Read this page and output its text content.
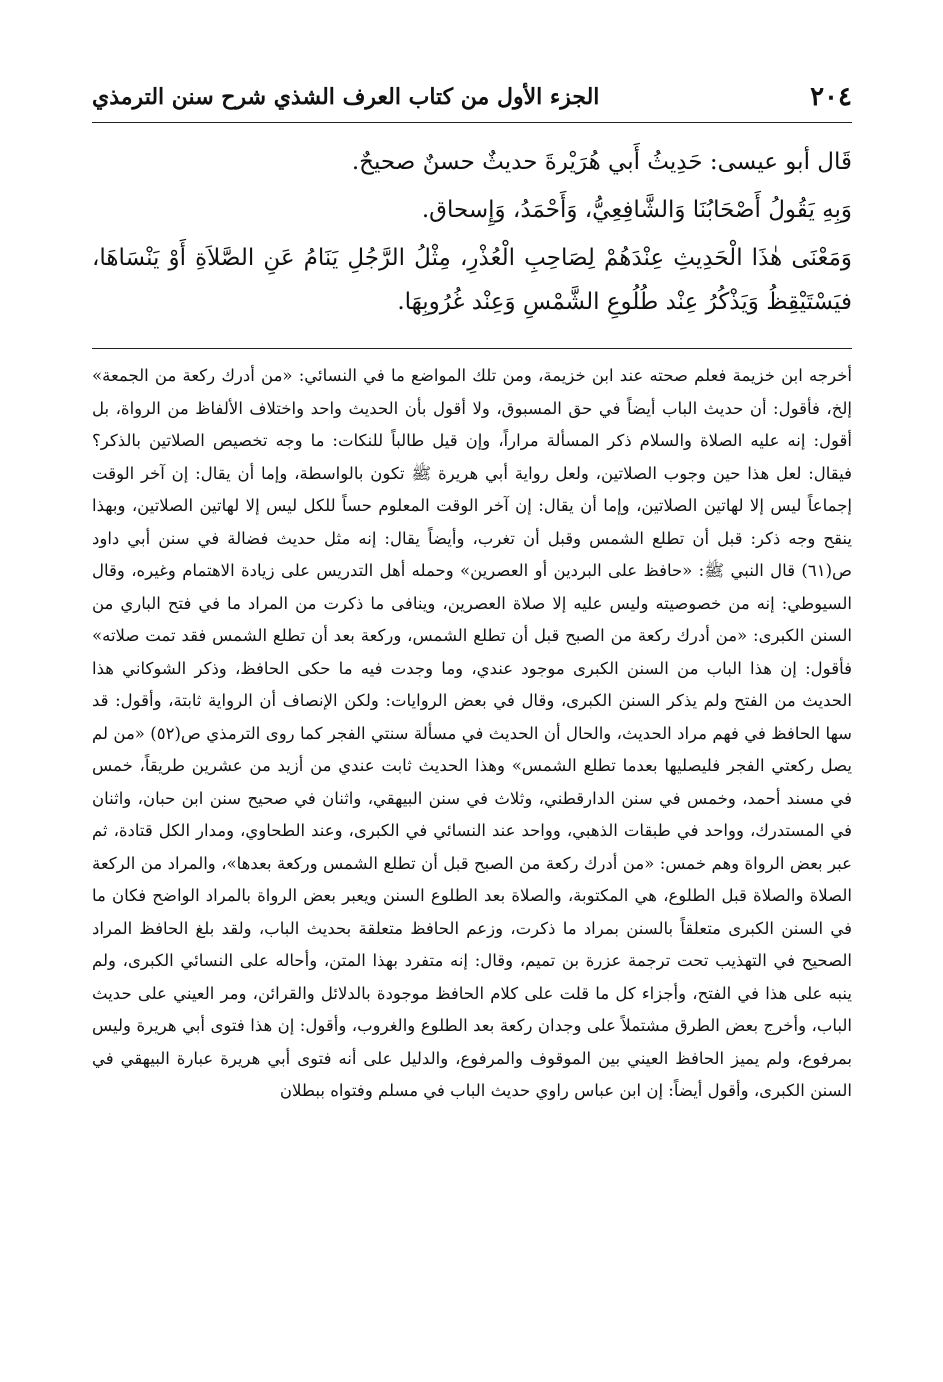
٢٠٤
الجزء الأول من كتاب العرف الشذي شرح سنن الترمذي

قَال أبو عيسى: حَدِيثُ أَبي هُرَيْرةَ حديثٌ حسنٌ صحيحٌ.

وَبِهِ يَقُولُ أَصْحَابُنَا وَالشَّافِعِيُّ، وَأَحْمَدُ، وَإِسحاق.

وَمَعْنَى هٰذَا الْحَدِيثِ عِنْدَهُمْ لِصَاحِبِ الْعُذْرِ، مِثْلُ الرَّجُلِ يَنَامُ عَنِ الصَّلاَةِ أَوْ يَنْسَاهَا، فيَسْتَيْقِظُ وَيَذْكُرُ عِنْد طُلُوعِ الشَّمْسِ وَعِنْد غُرُوبِهَا.

أخرجه ابن خزيمة فعلم صحته عند ابن خزيمة، ومن تلك المواضع ما في النسائي: «من أدرك ركعة من الجمعة» إلخ، فأقول: أن حديث الباب أيضاً في حق المسبوق، ولا أقول بأن الحديث واحد واختلاف الألفاظ من الرواة، بل أقول: إنه عليه الصلاة والسلام ذكر المسألة مراراً، وإن قيل طالباً للنكات: ما وجه تخصيص الصلاتين بالذكر؟ فيقال: لعل هذا حين وجوب الصلاتين، ولعل رواية أبي هريرة ﷺ تكون بالواسطة، وإما أن يقال: إن آخر الوقت إجماعاً ليس إلا لهاتين الصلاتين، وإما أن يقال: إن آخر الوقت المعلوم حساً للكل ليس إلا لهاتين الصلاتين، وبهذا ينقح وجه ذكر: قبل أن تطلع الشمس وقبل أن تغرب، وأيضاً يقال: إنه مثل حديث فضالة في سنن أبي داود ص(٦١) قال النبي ﷺ: «حافظ على البردين أو العصرين» وحمله أهل التدريس على زيادة الاهتمام وغيره، وقال السيوطي: إنه من خصوصيته وليس عليه إلا صلاة العصرين، وينافى ما ذكرت من المراد ما في فتح الباري من السنن الكبرى: «من أدرك ركعة من الصبح قبل أن تطلع الشمس، وركعة بعد أن تطلع الشمس فقد تمت صلاته» فأقول: إن هذا الباب من السنن الكبرى موجود عندي، وما وجدت فيه ما حكى الحافظ، وذكر الشوكاني هذا الحديث من الفتح ولم يذكر السنن الكبرى، وقال في بعض الروايات: ولكن الإنصاف أن الرواية ثابتة، وأقول: قد سها الحافظ في فهم مراد الحديث، والحال أن الحديث في مسألة سنتي الفجر كما روى الترمذي ص(٥٢) «من لم يصل ركعتي الفجر فليصليها بعدما تطلع الشمس» وهذا الحديث ثابت عندي من أزيد من عشرين طريقاً، خمس في مسند أحمد، وخمس في سنن الدارقطني، وثلاث في سنن البيهقي، واثنان في صحيح سنن ابن حبان، واثنان في المستدرك، وواحد في طبقات الذهبي، وواحد عند النسائي في الكبرى، وعند الطحاوي، ومدار الكل قتادة، ثم عبر بعض الرواة وهم خمس: «من أدرك ركعة من الصبح قبل أن تطلع الشمس وركعة بعدها»، والمراد من الركعة الصلاة والصلاة قبل الطلوع، هي المكتوبة، والصلاة بعد الطلوع السنن ويعبر بعض الرواة بالمراد الواضح فكان ما في السنن الكبرى متعلقاً بالسنن بمراد ما ذكرت، وزعم الحافظ متعلقة بحديث الباب، ولقد بلغ الحافظ المراد الصحيح في التهذيب تحت ترجمة عزرة بن تميم، وقال: إنه متفرد بهذا المتن، وأحاله على النسائي الكبرى، ولم ينبه على هذا في الفتح، وأجزاء كل ما قلت على كلام الحافظ موجودة بالدلائل والقرائن، ومر العيني على حديث الباب، وأخرج بعض الطرق مشتملاً على وجدان ركعة بعد الطلوع والغروب، وأقول: إن هذا فتوى أبي هريرة وليس بمرفوع، ولم يميز الحافظ العيني بين الموقوف والمرفوع، والدليل على أنه فتوى أبي هريرة عبارة البيهقي في السنن الكبرى، وأقول أيضاً: إن ابن عباس راوي حديث الباب في مسلم وفتواه ببطلان
